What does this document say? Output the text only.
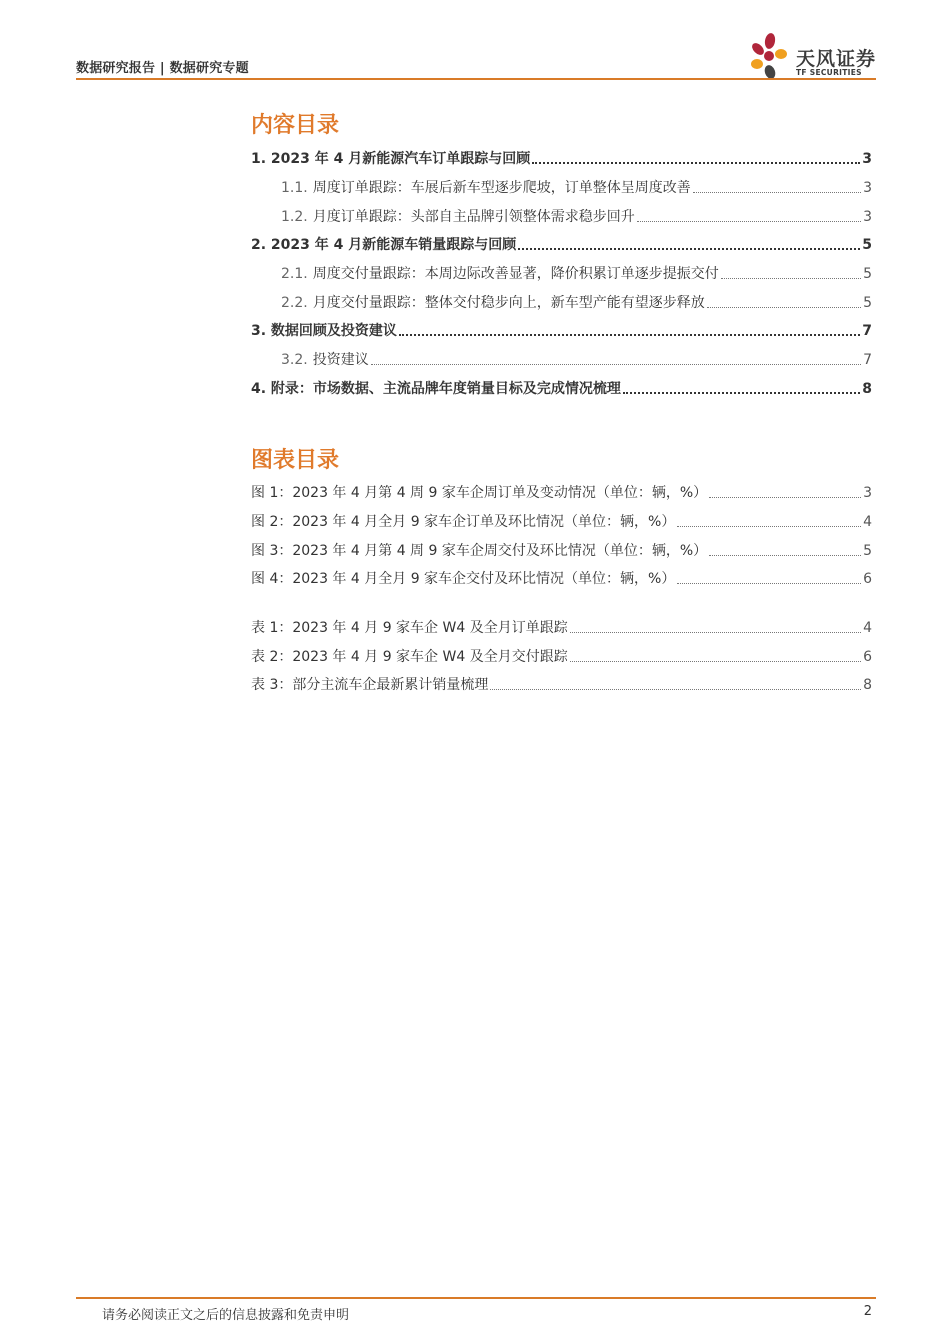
数据研究报告 | 数据研究专题	天风证券
TF SECURITIES
内容目录
1. 2023 年 4 月新能源汽车订单跟踪与回顾	3
1.1. 周度订单跟踪：车展后新车型逐步爬坡，订单整体呈周度改善	3
1.2. 月度订单跟踪：头部自主品牌引领整体需求稳步回升	3
2. 2023 年 4 月新能源车销量跟踪与回顾	5
2.1. 周度交付量跟踪：本周边际改善显著，降价积累订单逐步提振交付	5
2.2. 月度交付量跟踪：整体交付稳步向上，新车型产能有望逐步释放	5
3. 数据回顾及投资建议	7
3.2. 投资建议	7
4. 附录：市场数据、主流品牌年度销量目标及完成情况梳理	8
图表目录
图 1：2023 年 4 月第 4 周 9 家车企周订单及变动情况（单位：辆，%）	3
图 2：2023 年 4 月全月 9 家车企订单及环比情况（单位：辆，%）	4
图 3：2023 年 4 月第 4 周 9 家车企周交付及环比情况（单位：辆，%）	5
图 4：2023 年 4 月全月 9 家车企交付及环比情况（单位：辆，%）	6
表 1：2023 年 4 月 9 家车企 W4 及全月订单跟踪	4
表 2：2023 年 4 月 9 家车企 W4 及全月交付跟踪	6
表 3：部分主流车企最新累计销量梳理	8
请务必阅读正文之后的信息披露和免责申明	2
